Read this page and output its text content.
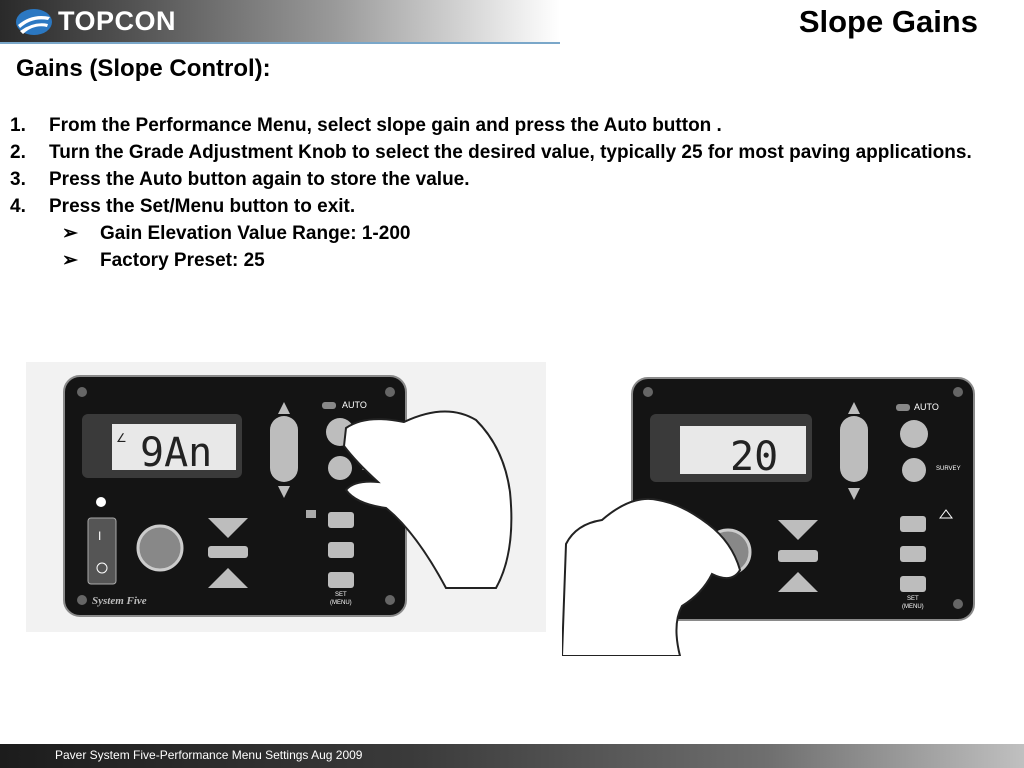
TOPCON	Slope Gains
Gains (Slope Control):
1.	From the Performance Menu, select slope gain and press the Auto button .
2.	Turn the Grade Adjustment Knob to select the desired value, typically 25 for most paving applications.
3.	Press the Auto button again to store the value.
4.	Press the Set/Menu button to exit.
➢	Gain Elevation Value Range: 1-200
➢	Factory Preset: 25
9An
∠
AUTO
SET
(MENU)
I
System Five
20
AUTO
SURVEY
SET
(MENU)
Paver System Five-Performance Menu Settings Aug 2009
